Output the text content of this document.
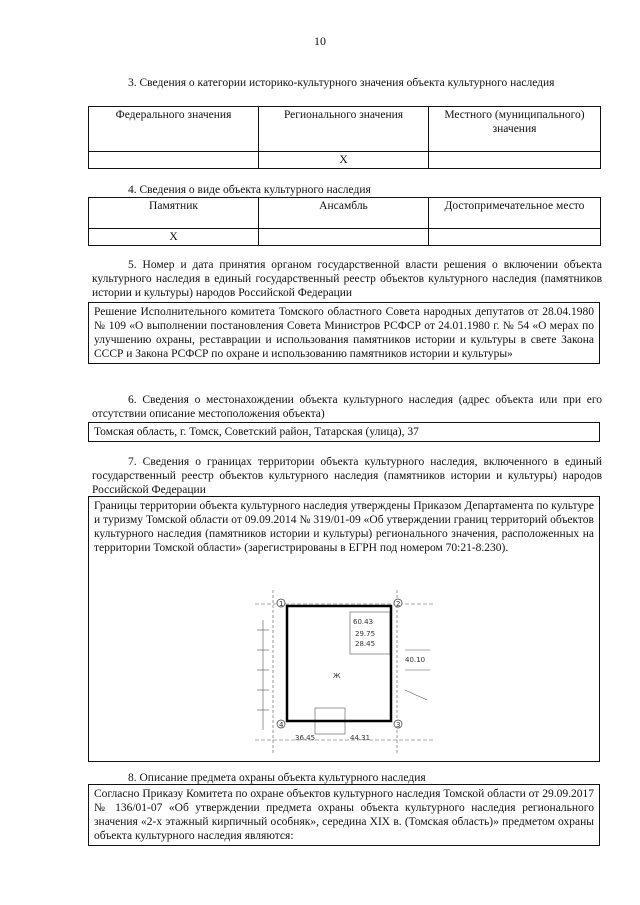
10
3. Сведения о категории историко-культурного значения объекта культурного наследия
Федерального значения	Регионального значения	Местного (муниципального) значения
	Х	
4. Сведения о виде объекта культурного наследия
Памятник	Ансамбль	Достопримечательное место
Х		
5. Номер и дата принятия органом государственной власти решения о включении объекта культурного наследия в единый государственный реестр объектов культурного наследия (памятников истории и культуры) народов Российской Федерации
Решение Исполнительного комитета Томского областного Совета народных депутатов от 28.04.1980 № 109 «О выполнении постановления Совета Министров РСФСР от 24.01.1980 г. № 54 «О мерах по улучшению охраны, реставрации и использования памятников истории и культуры в свете Закона СССР и Закона РСФСР по охране и использованию памятников истории и культуры»
6. Сведения о местонахождении объекта культурного наследия (адрес объекта или при его отсутствии описание местоположения объекта)
Томская область, г. Томск, Советский район, Татарская (улица), 37
7. Сведения о границах территории объекта культурного наследия, включенного в единый государственный реестр объектов культурного наследия (памятников истории и культуры) народов Российской Федерации
Границы территории объекта культурного наследия утверждены Приказом Департамента по культуре и туризму Томской области от 09.09.2014 № 319/01-09 «Об утверждении границ территорий объектов культурного наследия (памятников истории и культуры) регионального значения, расположенных на территории Томской области» (зарегистрированы в ЕГРН под номером 70:21-8.230).
1	2
3
4
60.43
29.75
28.45
40.10
Ж
36.45	44.31
8. Описание предмета охраны объекта культурного наследия
Согласно Приказу Комитета по охране объектов культурного наследия Томской области от 29.09.2017 № 136/01-07 «Об утверждении предмета охраны объекта культурного наследия регионального значения «2-х этажный кирпичный особняк», середина XIX в. (Томская область)» предметом охраны объекта культурного наследия являются:
